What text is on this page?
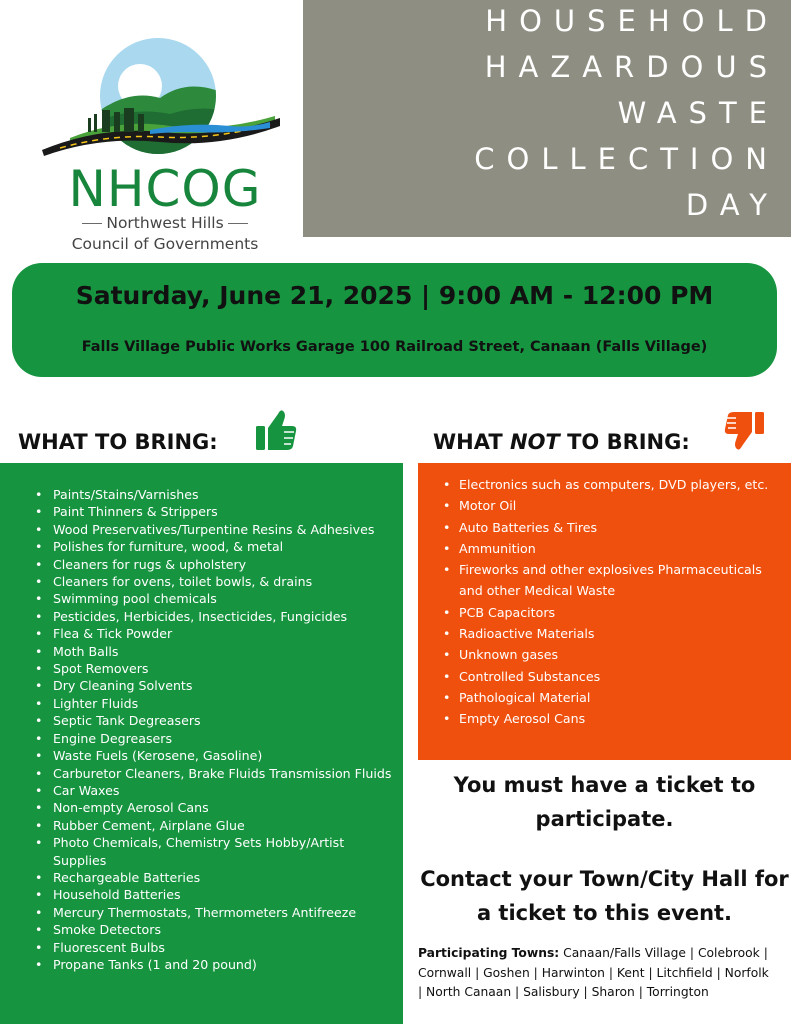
NHCOG
Northwest Hills
Council of Governments
HOUSEHOLD
HAZARDOUS
WASTE
COLLECTION
DAY
Saturday, June 21, 2025 | 9:00 AM - 12:00 PM
Falls Village Public Works Garage 100 Railroad Street, Canaan (Falls Village)
WHAT TO BRING:	WHAT NOT TO BRING:
• Paints/Stains/Varnishes
• Paint Thinners & Strippers
• Wood Preservatives/Turpentine Resins & Adhesives
• Polishes for furniture, wood, & metal
• Cleaners for rugs & upholstery
• Cleaners for ovens, toilet bowls, & drains
• Swimming pool chemicals
• Pesticides, Herbicides, Insecticides, Fungicides
• Flea & Tick Powder
• Moth Balls
• Spot Removers
• Dry Cleaning Solvents
• Lighter Fluids
• Septic Tank Degreasers
• Engine Degreasers
• Waste Fuels (Kerosene, Gasoline)
• Carburetor Cleaners, Brake Fluids Transmission Fluids
• Car Waxes
• Non-empty Aerosol Cans
• Rubber Cement, Airplane Glue
• Photo Chemicals, Chemistry Sets Hobby/Artist Supplies
• Rechargeable Batteries
• Household Batteries
• Mercury Thermostats, Thermometers Antifreeze
• Smoke Detectors
• Fluorescent Bulbs
• Propane Tanks (1 and 20 pound)
• Electronics such as computers, DVD players, etc.
• Motor Oil
• Auto Batteries & Tires
• Ammunition
• Fireworks and other explosives Pharmaceuticals and other Medical Waste
• PCB Capacitors
• Radioactive Materials
• Unknown gases
• Controlled Substances
• Pathological Material
• Empty Aerosol Cans
You must have a ticket to participate.
Contact your Town/City Hall for a ticket to this event.
Participating Towns: Canaan/Falls Village | Colebrook | Cornwall | Goshen | Harwinton | Kent | Litchfield | Norfolk | North Canaan | Salisbury | Sharon | Torrington
